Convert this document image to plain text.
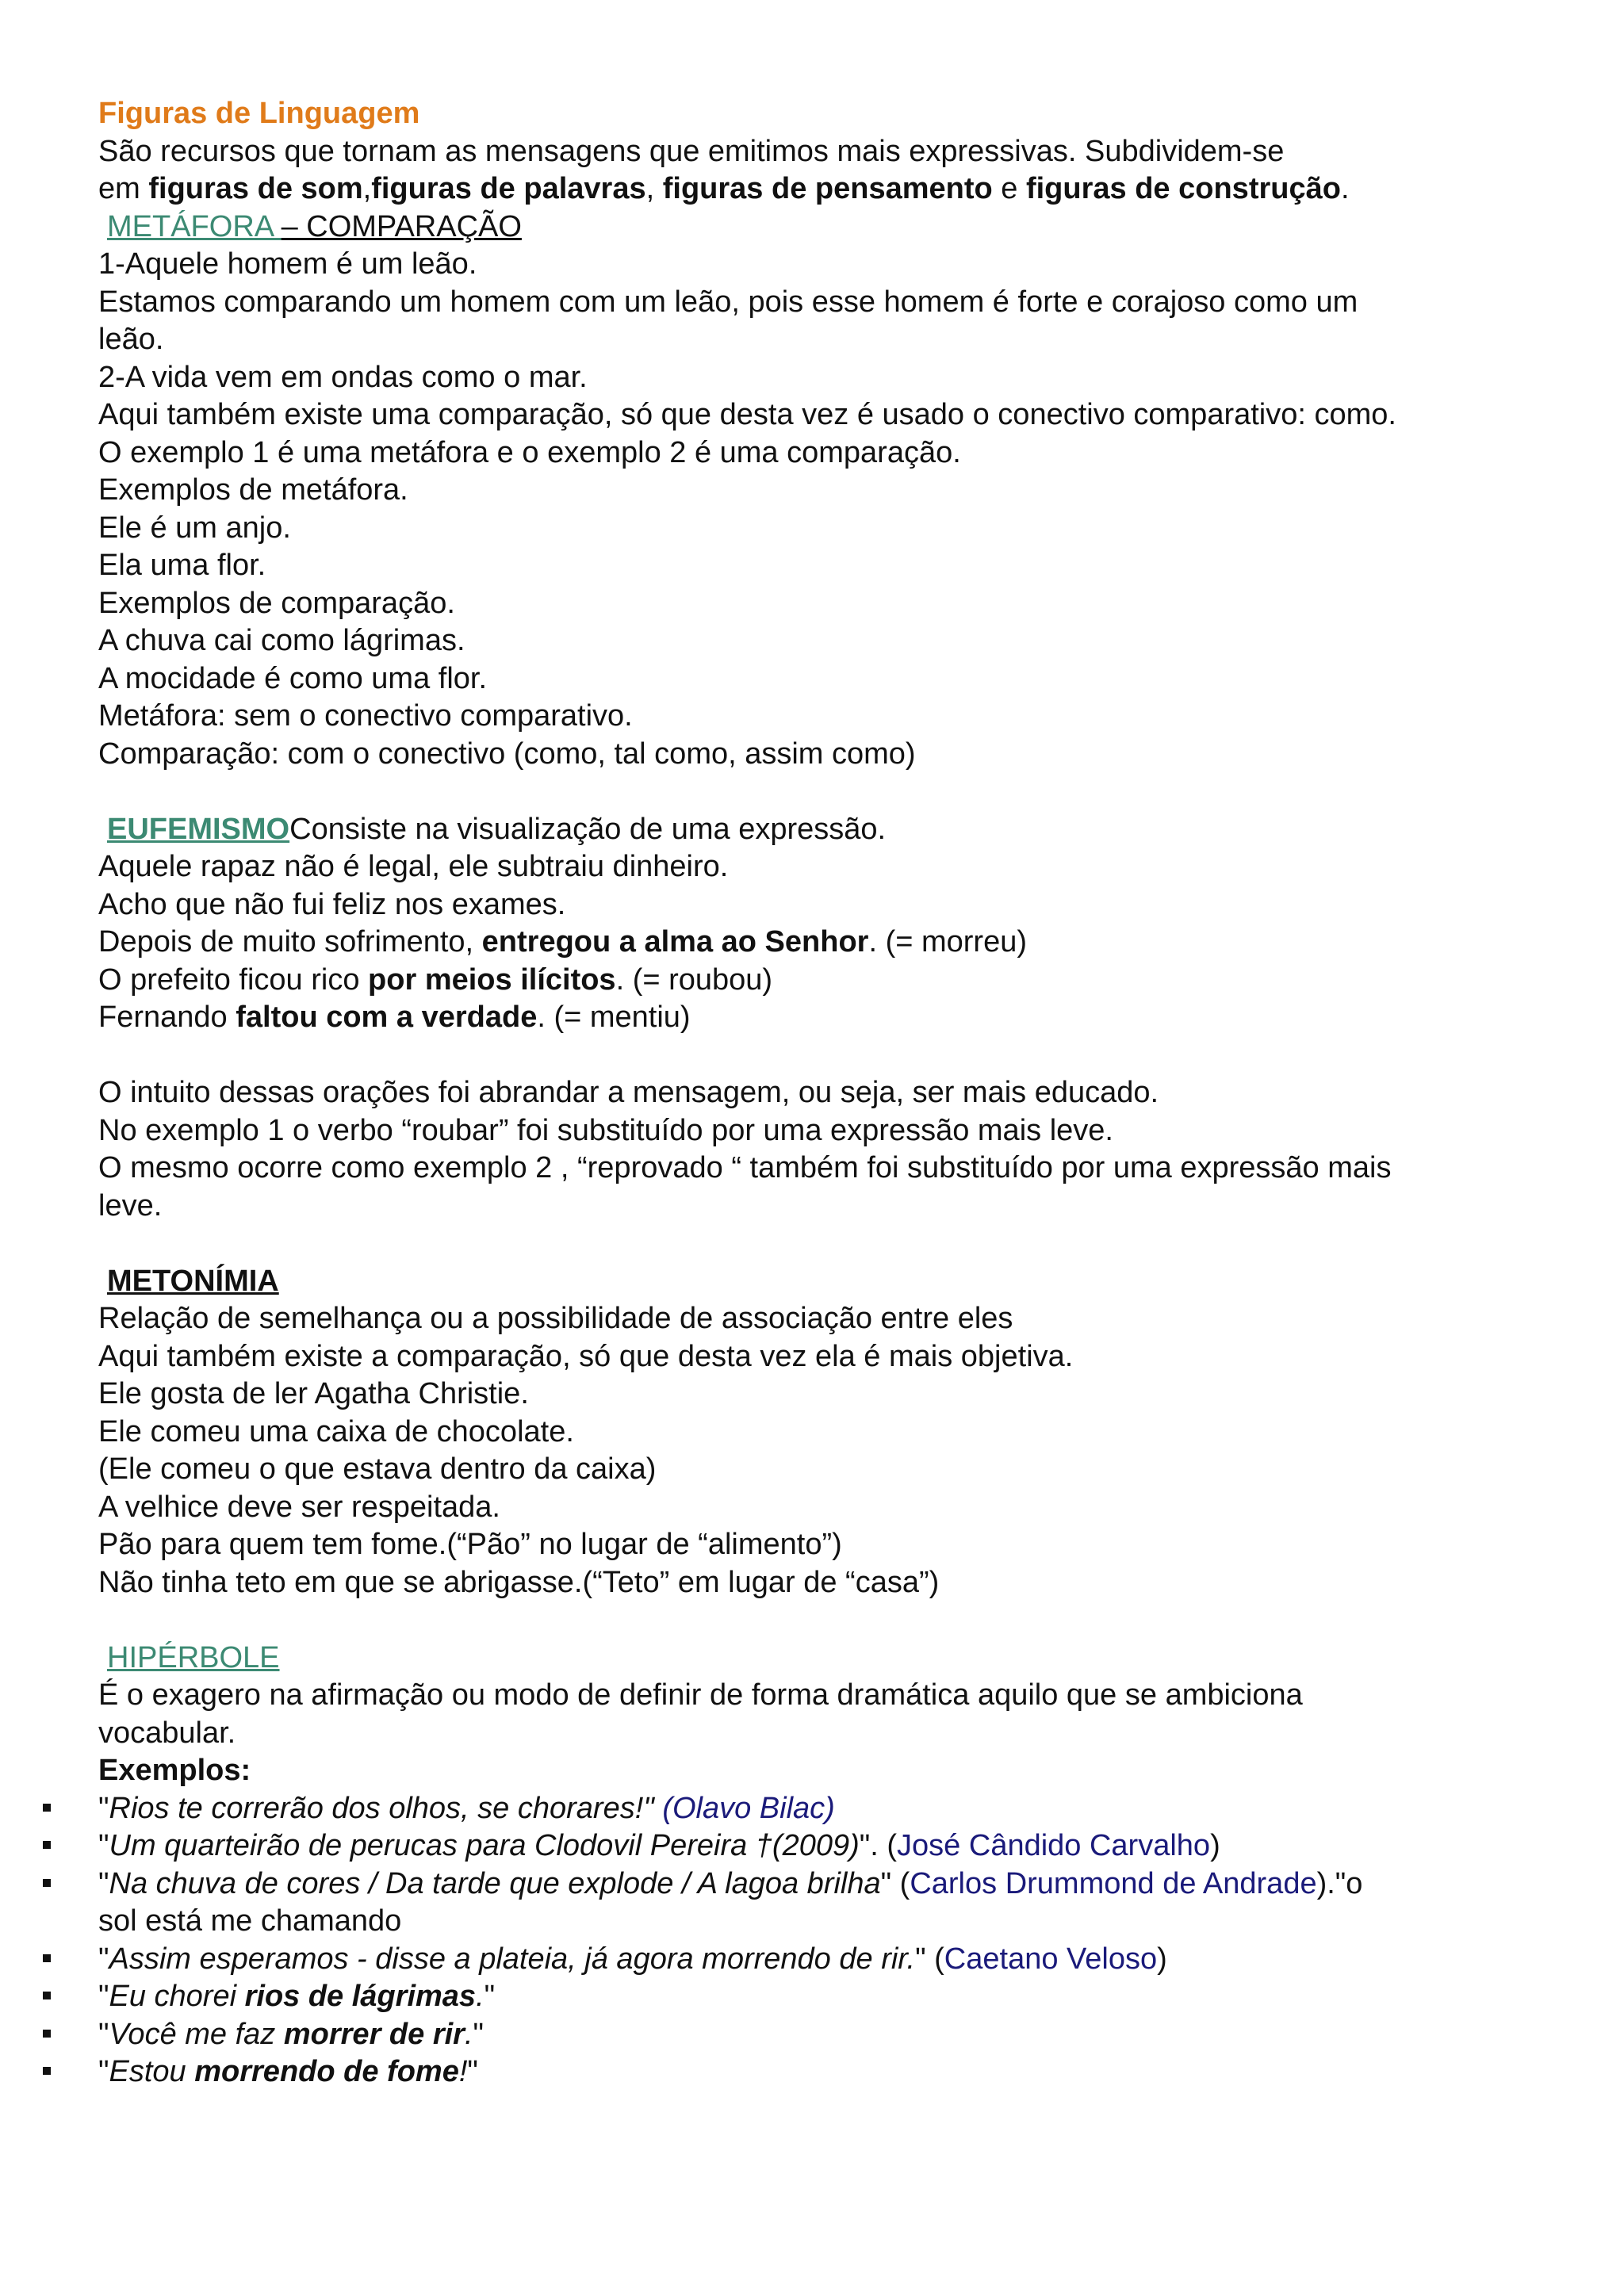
Figuras de Linguagem
São recursos que tornam as mensagens que emitimos mais expressivas. Subdividem-se
em figuras de som,figuras de palavras, figuras de pensamento e figuras de construção.
METÁFORA – COMPARAÇÃO
1-Aquele homem é um leão.
Estamos comparando um homem com um leão, pois esse homem é forte e corajoso como um
leão.
2-A vida vem em ondas como o mar.
Aqui também existe uma comparação, só que desta vez é usado o conectivo comparativo: como.
O exemplo 1 é uma metáfora e o exemplo 2 é uma comparação.
Exemplos de metáfora.
Ele é um anjo.
Ela uma flor.
Exemplos de comparação.
A chuva cai como lágrimas.
A mocidade é como uma flor.
Metáfora: sem o conectivo comparativo.
Comparação: com o conectivo (como, tal como, assim como)
EUFEMISMOConsiste na visualização de uma expressão.
Aquele rapaz não é legal, ele subtraiu dinheiro.
Acho que não fui feliz nos exames.
Depois de muito sofrimento, entregou a alma ao Senhor. (= morreu)
O prefeito ficou rico por meios ilícitos. (= roubou)
Fernando faltou com a verdade. (= mentiu)
O intuito dessas orações foi abrandar a mensagem, ou seja, ser mais educado.
No exemplo 1 o verbo “roubar” foi substituído por uma expressão mais leve.
O mesmo ocorre como exemplo 2 , “reprovado “ também foi substituído por uma expressão mais
leve.
METONÍMIA
Relação de semelhança ou a possibilidade de associação entre eles
Aqui também existe a comparação, só que desta vez ela é mais objetiva.
Ele gosta de ler Agatha Christie.
Ele comeu uma caixa de chocolate.
(Ele comeu o que estava dentro da caixa)
A velhice deve ser respeitada.
Pão para quem tem fome.(“Pão” no lugar de “alimento”)
Não tinha teto em que se abrigasse.(“Teto” em lugar de “casa”)
HIPÉRBOLE
É o exagero na afirmação ou modo de definir de forma dramática aquilo que se ambiciona
vocabular.
Exemplos:
"Rios te correrão dos olhos, se chorares!" (Olavo Bilac)
"Um quarteirão de perucas para Clodovil Pereira †(2009)". (José Cândido Carvalho)
"Na chuva de cores / Da tarde que explode / A lagoa brilha" (Carlos Drummond de Andrade)."o
sol está me chamando
"Assim esperamos - disse a plateia, já agora morrendo de rir." (Caetano Veloso)
"Eu chorei rios de lágrimas."
"Você me faz morrer de rir."
"Estou morrendo de fome!"
